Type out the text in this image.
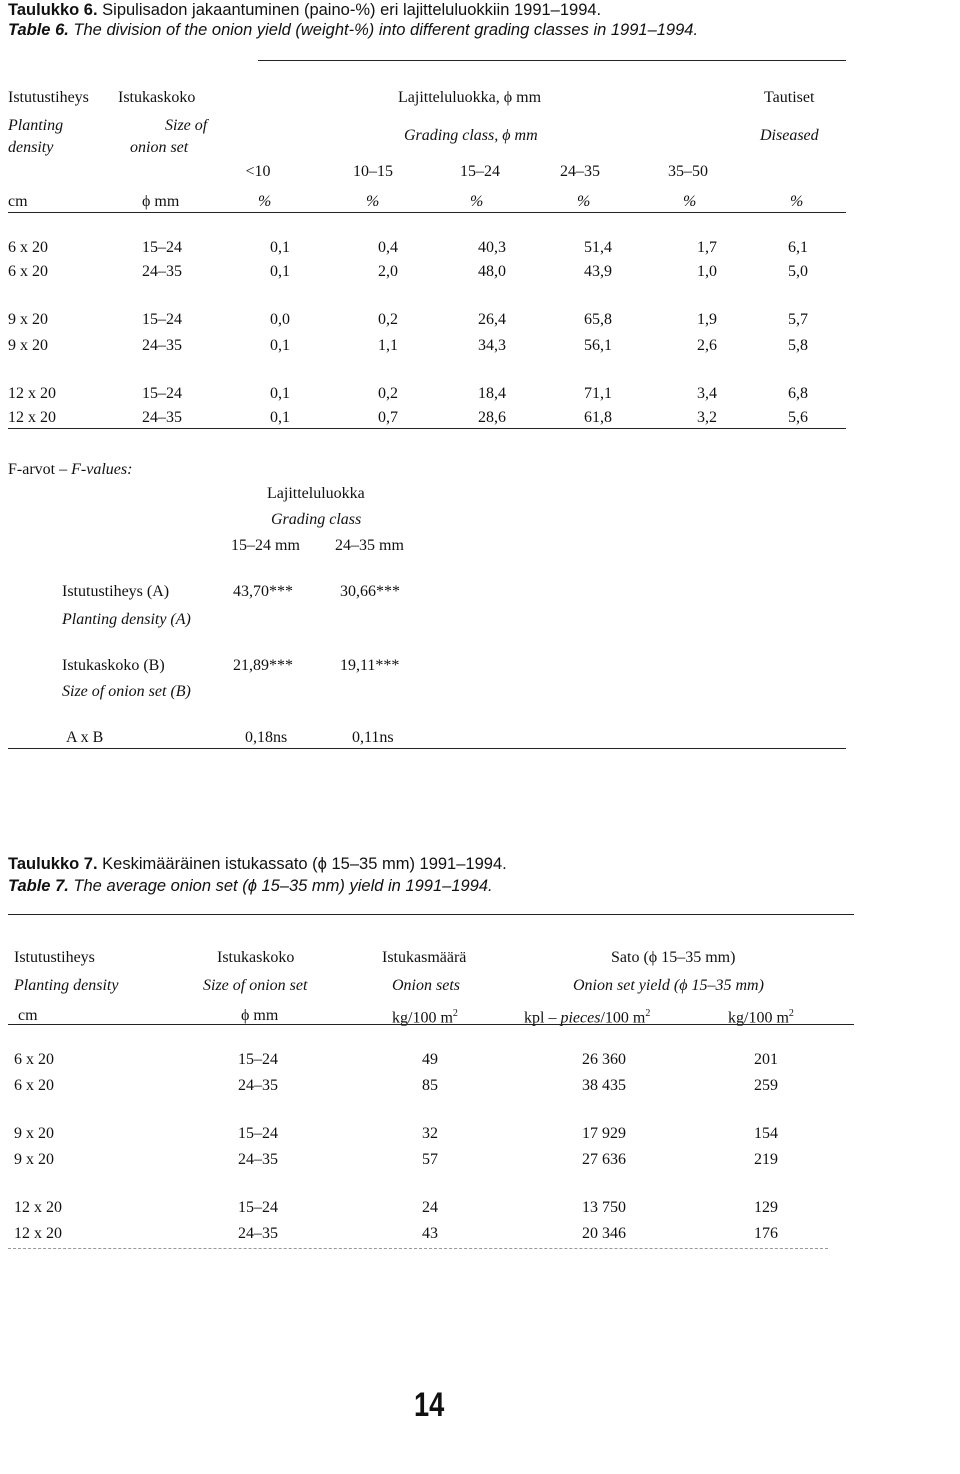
Taulukko 6. Sipulisadon jakaantuminen (paino-%) eri lajitteluluokkiin 1991–1994.
Table 6. The division of the onion yield (weight-%) into different grading classes in 1991–1994.
Istutustiheys
Planting
density
Istukaskoko
Size of
onion set
Lajitteluluokka, ϕ mm
Grading class, ϕ mm
Tautiset
Diseased
<10	10–15	15–24	24–35	35–50
cm	ϕ mm	%	%	%	%	%	%
6 x 20	15–24	0,1	0,4	40,3	51,4	1,7	6,1
6 x 20	24–35	0,1	2,0	48,0	43,9	1,0	5,0
9 x 20	15–24	0,0	0,2	26,4	65,8	1,9	5,7
9 x 20	24–35	0,1	1,1	34,3	56,1	2,6	5,8
12 x 20	15–24	0,1	0,2	18,4	71,1	3,4	6,8
12 x 20	24–35	0,1	0,7	28,6	61,8	3,2	5,6
F-arvot – F-values:
Lajitteluluokka
Grading class
15–24 mm 24–35 mm
Istutustiheys (A)
Planting density (A)
43,70***	30,66***
Istukaskoko (B)
Size of onion set (B)
21,89***	19,11***
A x B	0,18ns	0,11ns
Taulukko 7. Keskimääräinen istukassato (ϕ 15–35 mm) 1991–1994.
Table 7. The average onion set (ϕ 15–35 mm) yield in 1991–1994.
Istutustiheys
Planting density
Istukaskoko
Size of onion set
Istukasmäärä
Onion sets
Sato (ϕ 15–35 mm)
Onion set yield (ϕ 15–35 mm)
cm	ϕ mm	kg/100 $m^2$	kpl – pieces/100 $m^2$	kg/100 $m^2$
6 x 20	15–24	49	26 360	201
6 x 20	24–35	85	38 435	259
9 x 20	15–24	32	17 929	154
9 x 20	24–35	57	27 636	219
12 x 20	15–24	24	13 750	129
12 x 20	24–35	43	20 346	176
14
